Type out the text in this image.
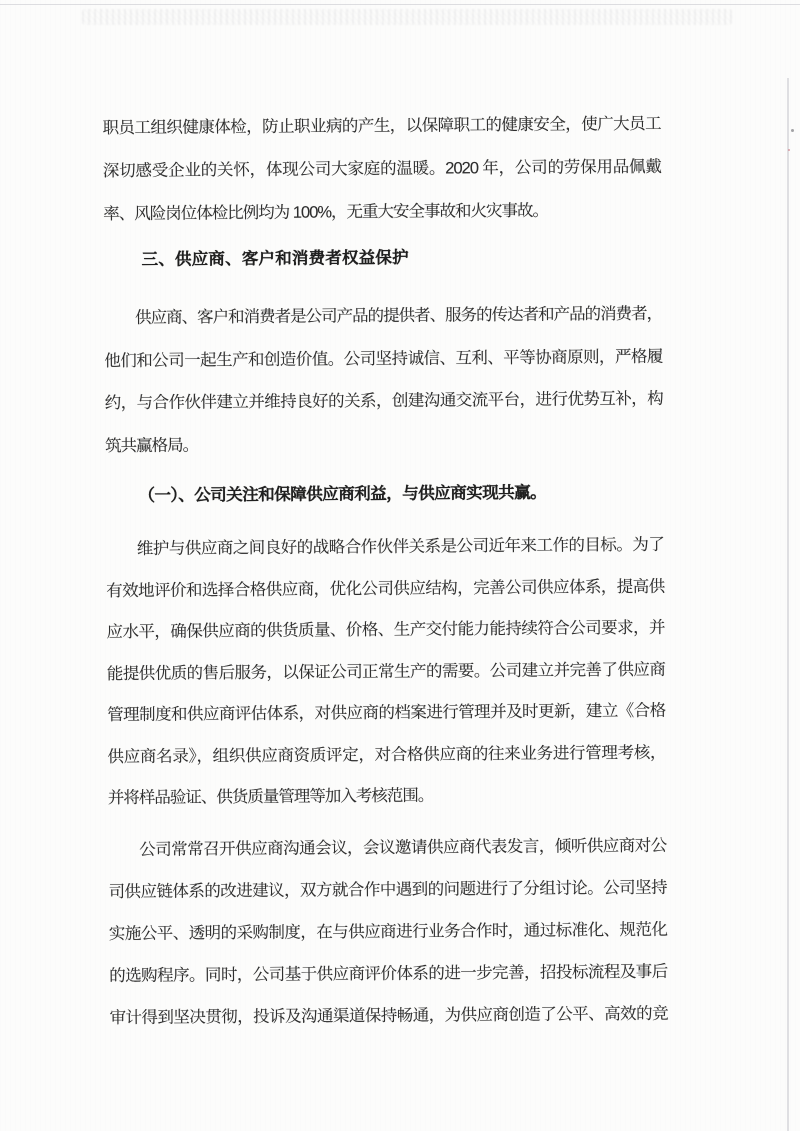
职员工组织健康体检，防止职业病的产生，以保障职工的健康安全，使广大员工
深切感受企业的关怀，体现公司大家庭的温暖。2020 年，公司的劳保用品佩戴
率、风险岗位体检比例均为 100%，无重大安全事故和火灾事故。
三、供应商、客户和消费者权益保护
供应商、客户和消费者是公司产品的提供者、服务的传达者和产品的消费者，
他们和公司一起生产和创造价值。公司坚持诚信、互利、平等协商原则，严格履
约，与合作伙伴建立并维持良好的关系，创建沟通交流平台，进行优势互补，构
筑共赢格局。
（一）、公司关注和保障供应商利益，与供应商实现共赢。
维护与供应商之间良好的战略合作伙伴关系是公司近年来工作的目标。为了
有效地评价和选择合格供应商，优化公司供应结构，完善公司供应体系，提高供
应水平，确保供应商的供货质量、价格、生产交付能力能持续符合公司要求，并
能提供优质的售后服务，以保证公司正常生产的需要。公司建立并完善了供应商
管理制度和供应商评估体系，对供应商的档案进行管理并及时更新，建立《合格
供应商名录》，组织供应商资质评定，对合格供应商的往来业务进行管理考核，
并将样品验证、供货质量管理等加入考核范围。
公司常常召开供应商沟通会议，会议邀请供应商代表发言，倾听供应商对公
司供应链体系的改进建议，双方就合作中遇到的问题进行了分组讨论。公司坚持
实施公平、透明的采购制度，在与供应商进行业务合作时，通过标准化、规范化
的选购程序。同时，公司基于供应商评价体系的进一步完善，招投标流程及事后
审计得到坚决贯彻，投诉及沟通渠道保持畅通，为供应商创造了公平、高效的竞
